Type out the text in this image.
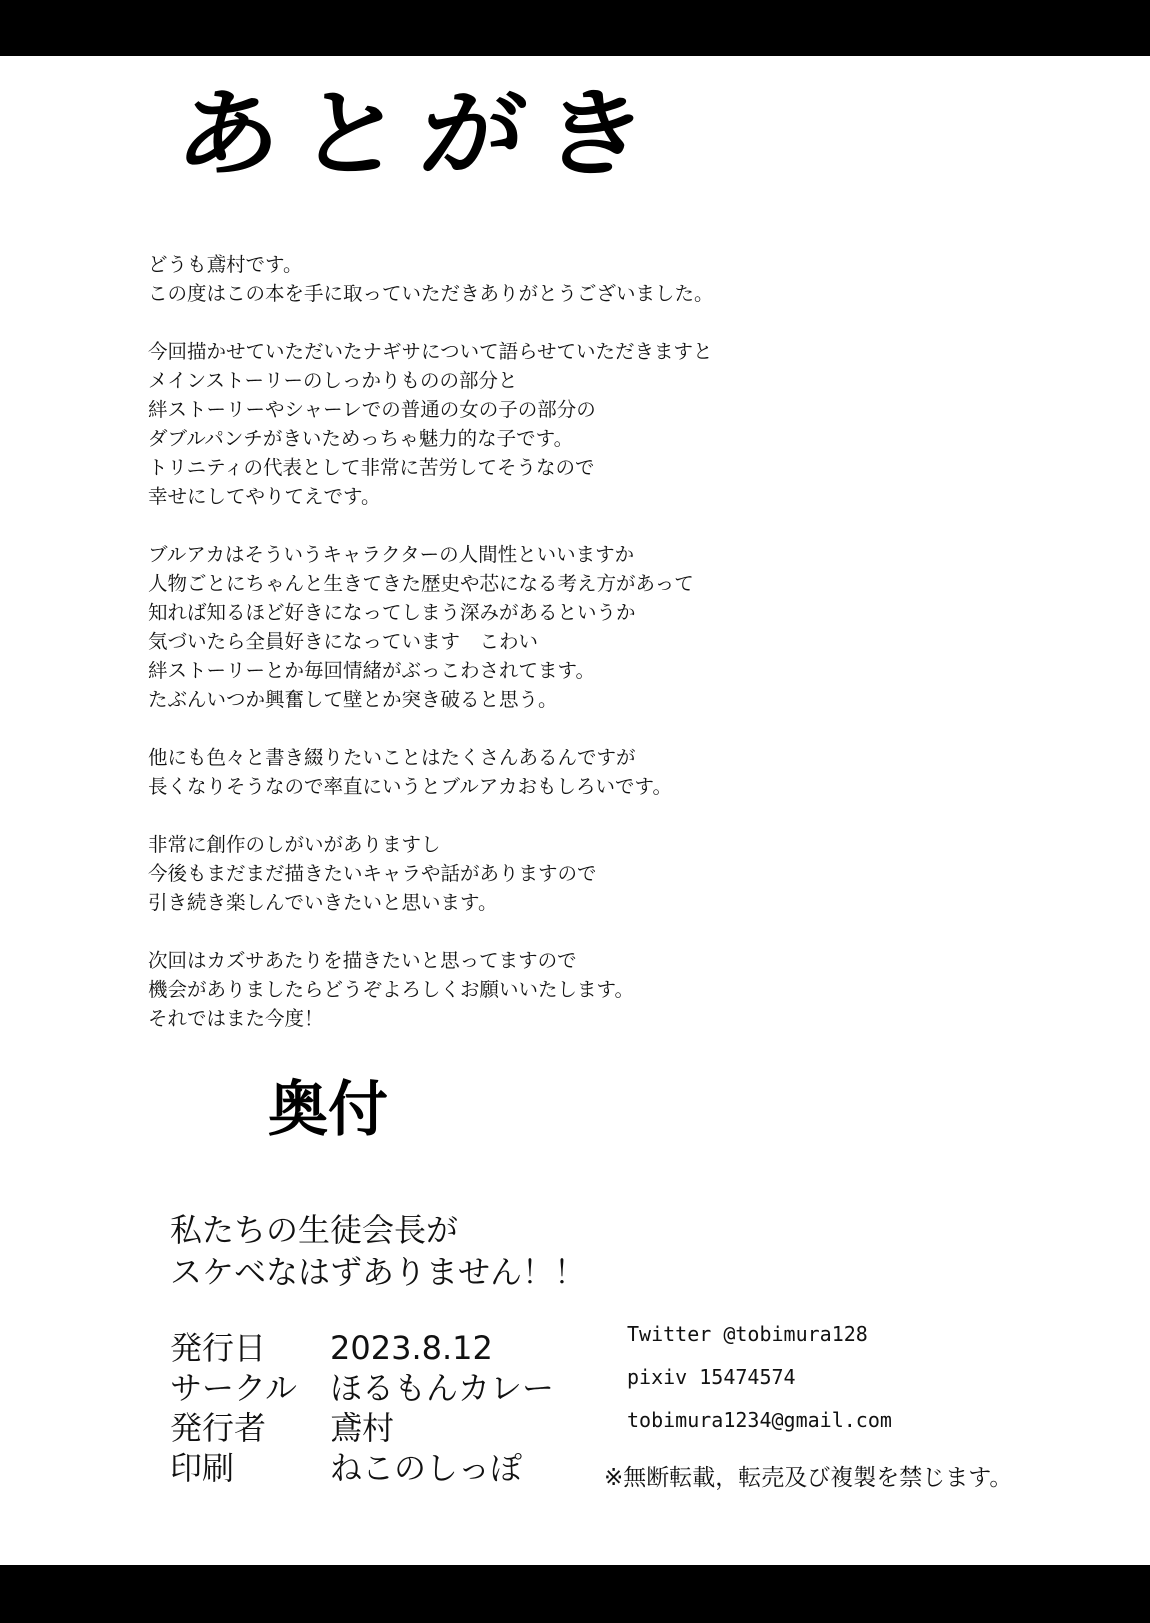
あとがき

どうも鳶村です。
この度はこの本を手に取っていただきありがとうございました。

今回描かせていただいたナギサについて語らせていただきますと
メインストーリーのしっかりものの部分と
絆ストーリーやシャーレでの普通の女の子の部分の
ダブルパンチがきいためっちゃ魅力的な子です。
トリニティの代表として非常に苦労してそうなので
幸せにしてやりてえです。

ブルアカはそういうキャラクターの人間性といいますか
人物ごとにちゃんと生きてきた歴史や芯になる考え方があって
知れば知るほど好きになってしまう深みがあるというか
気づいたら全員好きになっています　こわい
絆ストーリーとか毎回情緒がぶっこわされてます。
たぶんいつか興奮して壁とか突き破ると思う。

他にも色々と書き綴りたいことはたくさんあるんですが
長くなりそうなので率直にいうとブルアカおもしろいです。

非常に創作のしがいがありますし
今後もまだまだ描きたいキャラや話がありますので
引き続き楽しんでいきたいと思います。

次回はカズサあたりを描きたいと思ってますので
機会がありましたらどうぞよろしくお願いいたします。
それではまた今度！

奥付
私たちの生徒会長が
スケベなはずありません！！
発行日	2023.8.12
サークル	ほるもんカレー
発行者	鳶村
印刷	ねこのしっぽ
Twitter @tobimura128
pixiv 15474574
tobimura1234@gmail.com
※無断転載，転売及び複製を禁じます。
